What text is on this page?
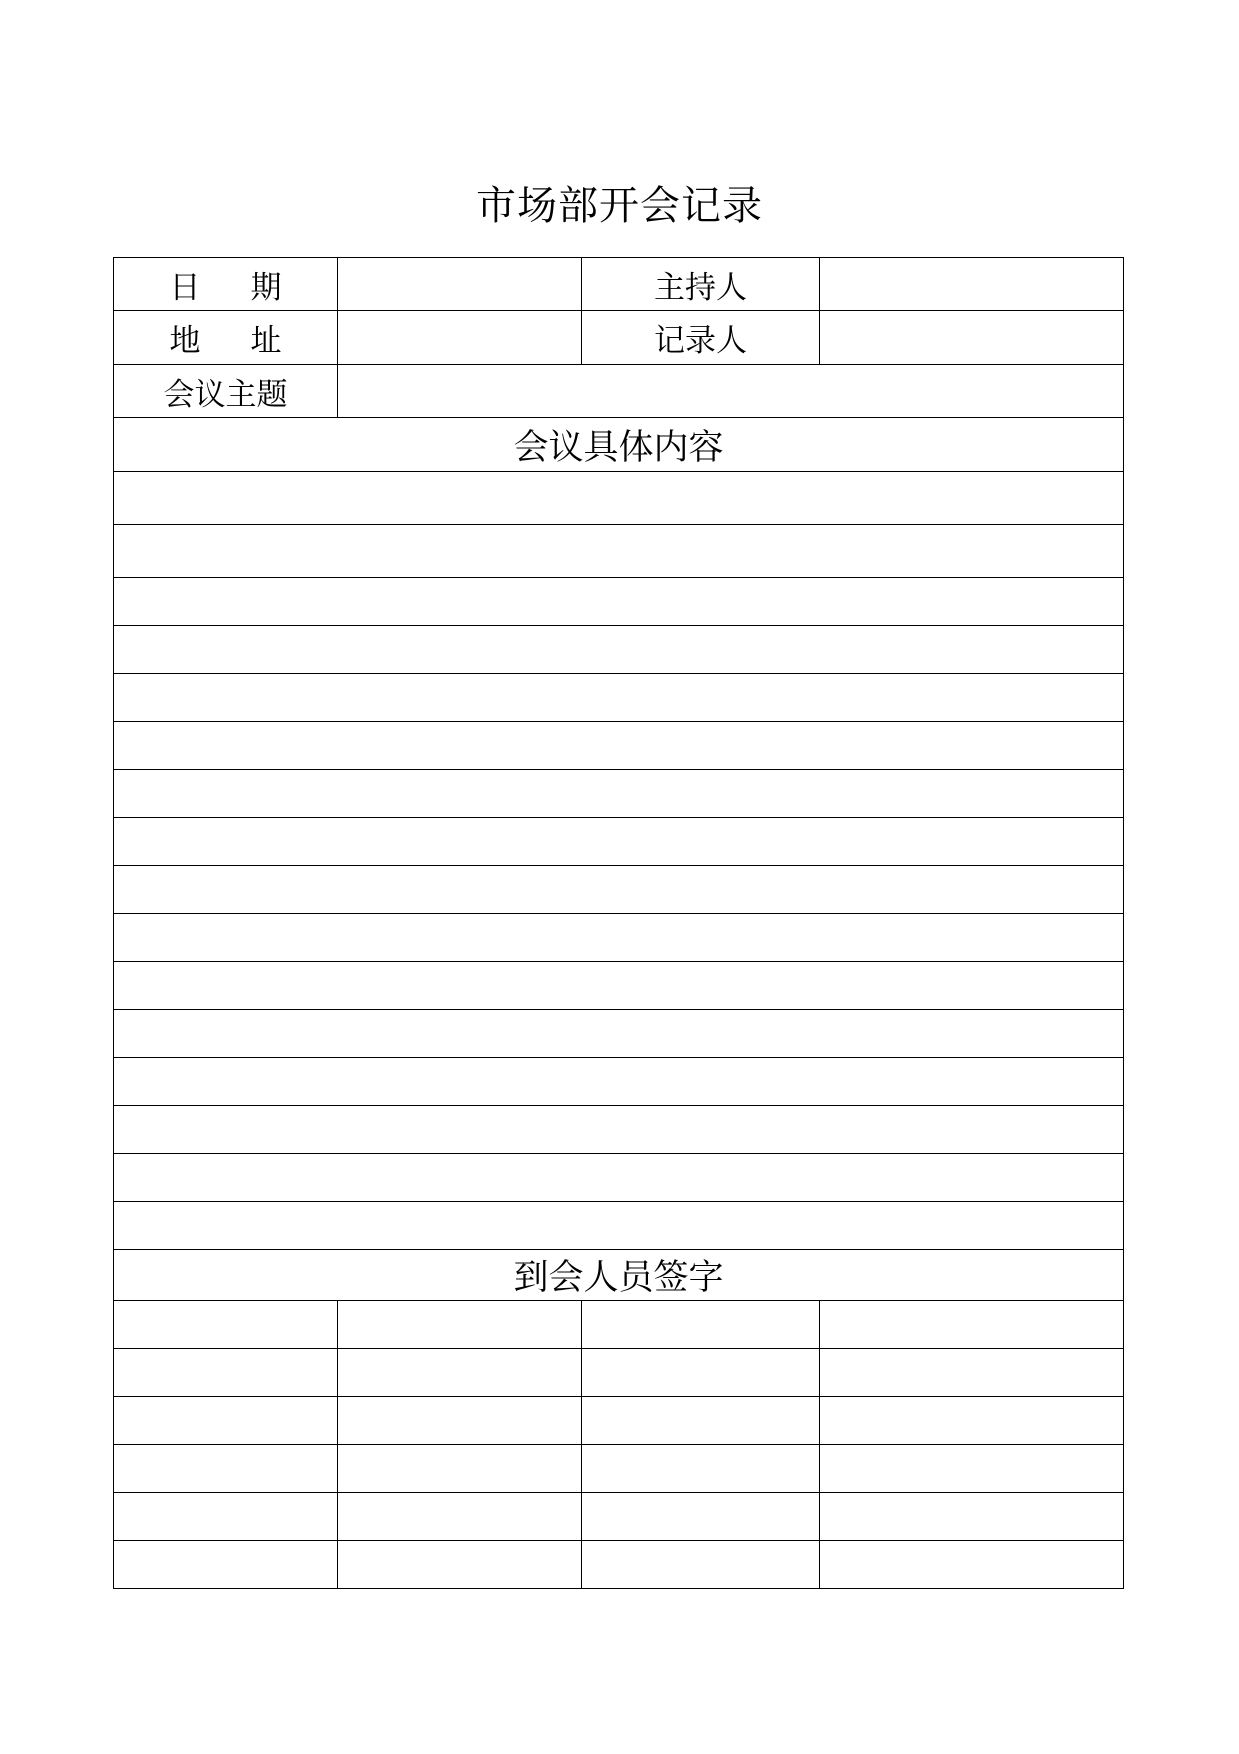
市场部开会记录
日 期		主持人	
地 址		记录人	
会议主题			
会议具体内容			

到会人员签字			
